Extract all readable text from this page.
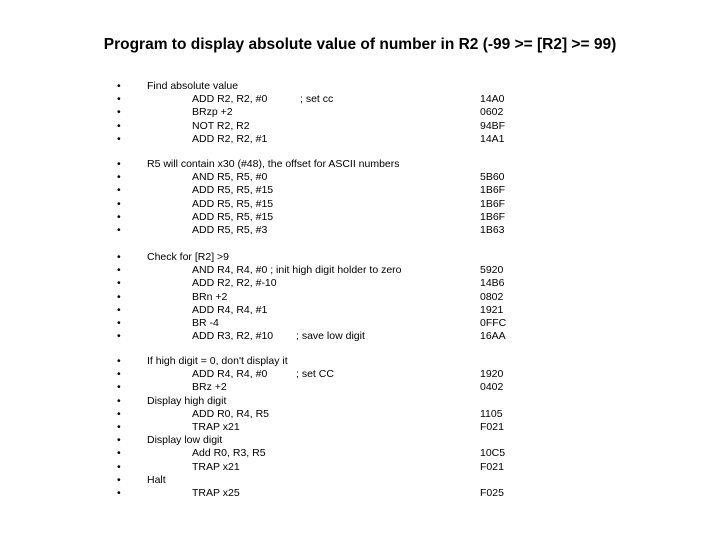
Program to display absolute value of number in R2 (-99 >= [R2] >= 99)
•	Find absolute value
•	ADD R2, R2, #0	; set cc	14A0
•	BRzp +2	0602
•	NOT R2, R2	94BF
•	ADD R2, R2, #1	14A1
•	R5 will contain x30 (#48), the offset for ASCII numbers
•	AND R5, R5, #0	5B60
•	ADD R5, R5, #15	1B6F
•	ADD R5, R5, #15	1B6F
•	ADD R5, R5, #15	1B6F
•	ADD R5, R5, #3	1B63
•	Check for [R2] >9
•	AND R4, R4, #0 ; init high digit holder to zero	5920
•	ADD R2, R2, #-10	14B6
•	BRn +2	0802
•	ADD R4, R4, #1	1921
•	BR -4	0FFC
•	ADD R3, R2, #10 ; save low digit	16AA
•	If high digit = 0, don't display it
•	ADD R4, R4, #0	; set CC	1920
•	BRz +2	0402
•	Display high digit
•	ADD R0, R4, R5	1105
•	TRAP x21	F021
•	Display low digit
•	Add R0, R3, R5	10C5
•	TRAP x21	F021
•	Halt
•	TRAP x25	F025
